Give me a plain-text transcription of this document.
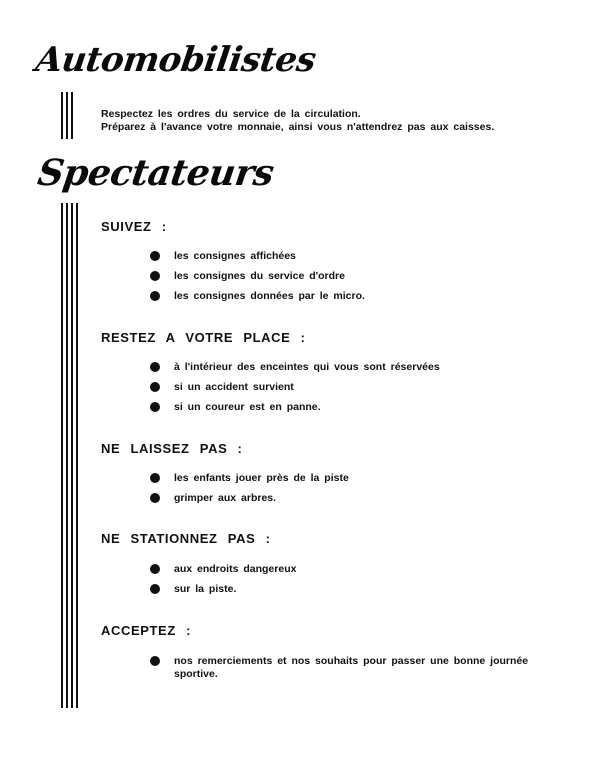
Automobilistes

Respectez les ordres du service de la circulation.

Préparez à l'avance votre monnaie, ainsi vous n'attendrez pas aux caisses.

Spectateurs
SUIVEZ :
les consignes affichées
les consignes du service d'ordre
les consignes données par le micro.
RESTEZ A VOTRE PLACE :
à l'intérieur des enceintes qui vous sont réservées
si un accident survient
si un coureur est en panne.
NE LAISSEZ PAS :
les enfants jouer près de la piste
grimper aux arbres.
NE STATIONNEZ PAS :
aux endroits dangereux
sur la piste.
ACCEPTEZ :
nos remerciements et nos souhaits pour passer une bonne journée sportive.
